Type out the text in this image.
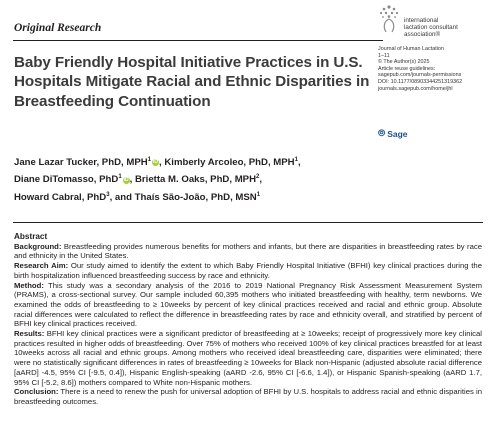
Original Research
international
lactation consultant
association®
Journal of Human Lactation
1–11
© The Author(s) 2025
Article reuse guidelines:
sagepub.com/journals-permissions
DOI: 10.1177/08903344251319362
journals.sagepub.com/home/jhl
⦾ Sage
Baby Friendly Hospital Initiative Practices in U.S. Hospitals Mitigate Racial and Ethnic Disparities in Breastfeeding Continuation
Jane Lazar Tucker, PhD, MPH$^1$ iD, Kimberly Arcoleo, PhD, MPH$^1$,
Diane DiTomasso, PhD$^1$ iD, Brietta M. Oaks, PhD, MPH$^2$,
Howard Cabral, PhD$^3$, and Thaís São-João, PhD, MSN$^1$
Abstract

Background: Breastfeeding provides numerous benefits for mothers and infants, but there are disparities in breastfeeding rates by race and ethnicity in the United States.

Research Aim: Our study aimed to identify the extent to which Baby Friendly Hospital Initiative (BFHI) key clinical practices during the birth hospitalization influenced breastfeeding success by race and ethnicity.

Method: This study was a secondary analysis of the 2016 to 2019 National Pregnancy Risk Assessment Measurement System (PRAMS), a cross-sectional survey. Our sample included 60,395 mothers who initiated breastfeeding with healthy, term newborns. We examined the odds of breastfeeding to ≥ 10weeks by percent of key clinical practices received and racial and ethnic group. Absolute racial differences were calculated to reflect the difference in breastfeeding rates by race and ethnicity overall, and stratified by percent of BFHI key clinical practices received.

Results: BFHI key clinical practices were a significant predictor of breastfeeding at ≥ 10weeks; receipt of progressively more key clinical practices resulted in higher odds of breastfeeding. Over 75% of mothers who received 100% of key clinical practices breastfed for at least 10weeks across all racial and ethnic groups. Among mothers who received ideal breastfeeding care, disparities were eliminated; there were no statistically significant differences in rates of breastfeeding ≥ 10weeks for Black non-Hispanic (adjusted absolute racial difference [aARD] -4.5, 95% CI [-9.5, 0.4]), Hispanic English-speaking (aARD -2.6, 95% CI [-6.6, 1.4]), or Hispanic Spanish-speaking (aARD 1.7, 95% CI [-5.2, 8.6]) mothers compared to White non-Hispanic mothers.

Conclusion: There is a need to renew the push for universal adoption of BFHI by U.S. hospitals to address racial and ethnic disparities in breastfeeding outcomes.
